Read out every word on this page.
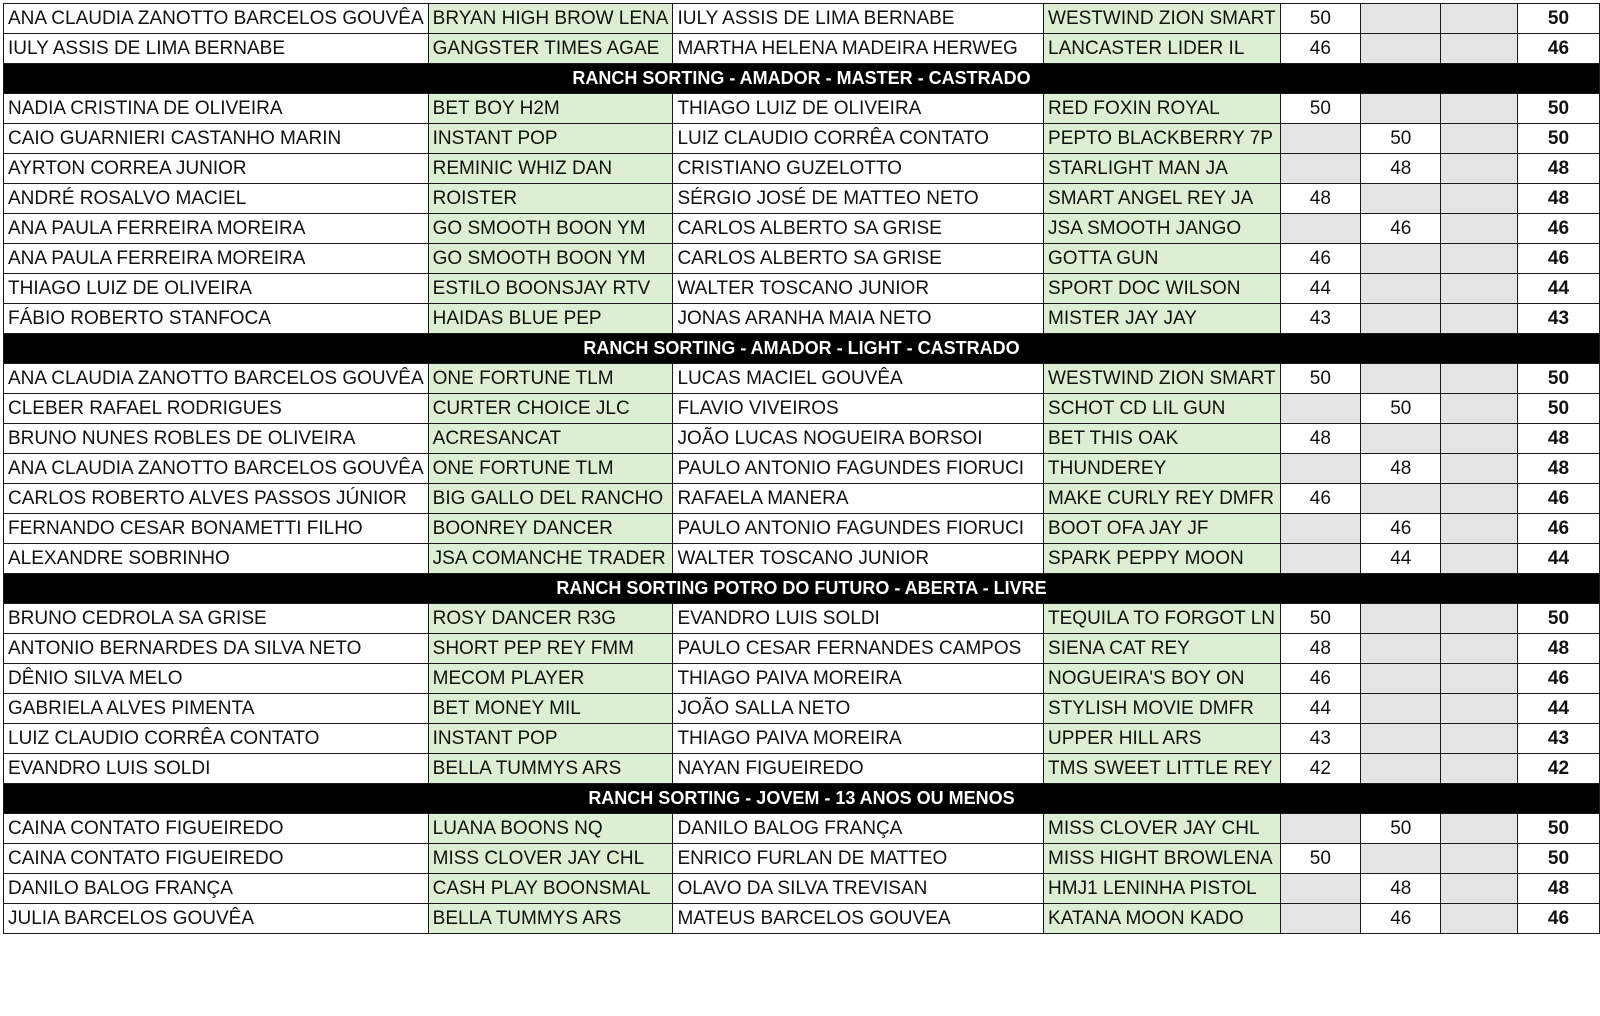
ANA CLAUDIA ZANOTTO BARCELOS GOUVÊA	BRYAN HIGH BROW LENA	IULY ASSIS DE LIMA BERNABE	WESTWIND ZION SMART	50			50
IULY ASSIS DE LIMA BERNABE	GANGSTER TIMES AGAE	MARTHA HELENA MADEIRA HERWEG	LANCASTER LIDER IL	46			46
RANCH SORTING - AMADOR - MASTER - CASTRADO							
NADIA CRISTINA DE OLIVEIRA	BET BOY H2M	THIAGO LUIZ DE OLIVEIRA	RED FOXIN ROYAL	50			50
CAIO GUARNIERI CASTANHO MARIN	INSTANT POP	LUIZ CLAUDIO CORRÊA CONTATO	PEPTO BLACKBERRY 7P		50		50
AYRTON CORREA JUNIOR	REMINIC WHIZ DAN	CRISTIANO GUZELOTTO	STARLIGHT MAN JA		48		48
ANDRÉ ROSALVO MACIEL	ROISTER	SÉRGIO JOSÉ DE MATTEO NETO	SMART ANGEL REY JA	48			48
ANA PAULA FERREIRA MOREIRA	GO SMOOTH BOON YM	CARLOS ALBERTO SA GRISE	JSA SMOOTH JANGO		46		46
ANA PAULA FERREIRA MOREIRA	GO SMOOTH BOON YM	CARLOS ALBERTO SA GRISE	GOTTA GUN	46			46
THIAGO LUIZ DE OLIVEIRA	ESTILO BOONSJAY RTV	WALTER TOSCANO JUNIOR	SPORT DOC WILSON	44			44
FÁBIO ROBERTO STANFOCA	HAIDAS BLUE PEP	JONAS ARANHA MAIA NETO	MISTER JAY JAY	43			43
RANCH SORTING - AMADOR - LIGHT - CASTRADO							
ANA CLAUDIA ZANOTTO BARCELOS GOUVÊA	ONE FORTUNE TLM	LUCAS MACIEL GOUVÊA	WESTWIND ZION SMART	50			50
CLEBER RAFAEL RODRIGUES	CURTER CHOICE JLC	FLAVIO VIVEIROS	SCHOT CD LIL GUN		50		50
BRUNO NUNES ROBLES DE OLIVEIRA	ACRESANCAT	JOÃO LUCAS NOGUEIRA BORSOI	BET THIS OAK	48			48
ANA CLAUDIA ZANOTTO BARCELOS GOUVÊA	ONE FORTUNE TLM	PAULO ANTONIO FAGUNDES FIORUCI	THUNDEREY		48		48
CARLOS ROBERTO ALVES PASSOS JÚNIOR	BIG GALLO DEL RANCHO	RAFAELA MANERA	MAKE CURLY REY DMFR	46			46
FERNANDO CESAR BONAMETTI FILHO	BOONREY DANCER	PAULO ANTONIO FAGUNDES FIORUCI	BOOT OFA JAY JF		46		46
ALEXANDRE SOBRINHO	JSA COMANCHE TRADER	WALTER TOSCANO JUNIOR	SPARK PEPPY MOON		44		44
RANCH SORTING POTRO DO FUTURO - ABERTA - LIVRE							
BRUNO CEDROLA SA GRISE	ROSY DANCER R3G	EVANDRO LUIS SOLDI	TEQUILA TO FORGOT LN	50			50
ANTONIO BERNARDES DA SILVA NETO	SHORT PEP REY FMM	PAULO CESAR FERNANDES CAMPOS	SIENA CAT REY	48			48
DÊNIO SILVA MELO	MECOM PLAYER	THIAGO PAIVA MOREIRA	NOGUEIRA'S BOY ON	46			46
GABRIELA ALVES PIMENTA	BET MONEY MIL	JOÃO SALLA NETO	STYLISH MOVIE DMFR	44			44
LUIZ CLAUDIO CORRÊA CONTATO	INSTANT POP	THIAGO PAIVA MOREIRA	UPPER HILL ARS	43			43
EVANDRO LUIS SOLDI	BELLA TUMMYS ARS	NAYAN FIGUEIREDO	TMS SWEET LITTLE REY	42			42
RANCH SORTING - JOVEM - 13 ANOS OU MENOS							
CAINA CONTATO FIGUEIREDO	LUANA BOONS NQ	DANILO BALOG FRANÇA	MISS CLOVER JAY CHL		50		50
CAINA CONTATO FIGUEIREDO	MISS CLOVER JAY CHL	ENRICO FURLAN DE MATTEO	MISS HIGHT BROWLENA	50			50
DANILO BALOG FRANÇA	CASH PLAY BOONSMAL	OLAVO DA SILVA TREVISAN	HMJ1 LENINHA PISTOL		48		48
JULIA BARCELOS GOUVÊA	BELLA TUMMYS ARS	MATEUS BARCELOS GOUVEA	KATANA MOON KADO		46		46
